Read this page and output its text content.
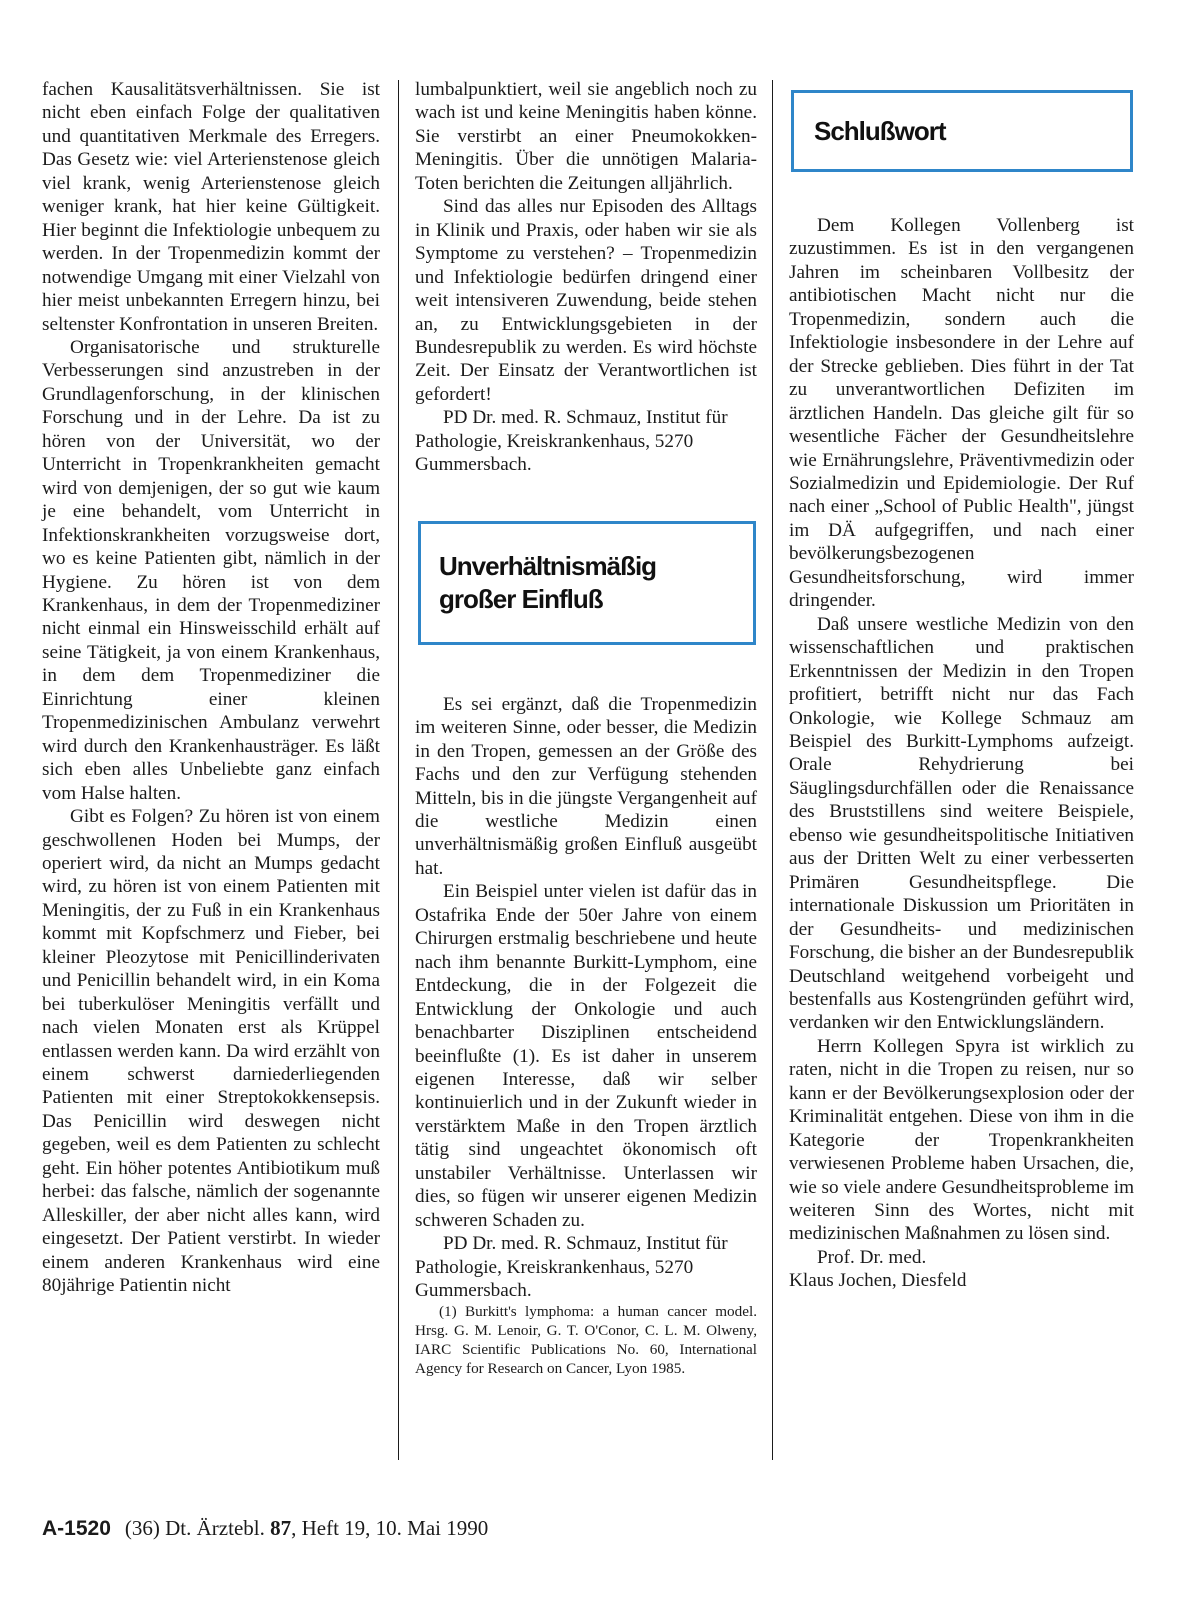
fachen Kausalitätsverhältnissen. Sie ist nicht eben einfach Folge der qualitativen und quantitativen Merkmale des Erregers. Das Gesetz wie: viel Arterienstenose gleich viel krank, wenig Arterienstenose gleich weniger krank, hat hier keine Gültigkeit. Hier beginnt die Infektiologie unbequem zu werden. In der Tropenmedizin kommt der notwendige Umgang mit einer Vielzahl von hier meist unbekannten Erregern hinzu, bei seltenster Konfrontation in unseren Breiten.

Organisatorische und strukturelle Verbesserungen sind anzustreben in der Grundlagenforschung, in der klinischen Forschung und in der Lehre. Da ist zu hören von der Universität, wo der Unterricht in Tropenkrankheiten gemacht wird von demjenigen, der so gut wie kaum je eine behandelt, vom Unterricht in Infektionskrankheiten vorzugsweise dort, wo es keine Patienten gibt, nämlich in der Hygiene. Zu hören ist von dem Krankenhaus, in dem der Tropenmediziner nicht einmal ein Hinsweisschild erhält auf seine Tätigkeit, ja von einem Krankenhaus, in dem dem Tropenmediziner die Einrichtung einer kleinen Tropenmedizinischen Ambulanz verwehrt wird durch den Krankenhausträger. Es läßt sich eben alles Unbeliebte ganz einfach vom Halse halten.

Gibt es Folgen? Zu hören ist von einem geschwollenen Hoden bei Mumps, der operiert wird, da nicht an Mumps gedacht wird, zu hören ist von einem Patienten mit Meningitis, der zu Fuß in ein Krankenhaus kommt mit Kopfschmerz und Fieber, bei kleiner Pleozytose mit Penicillinderivaten und Penicillin behandelt wird, in ein Koma bei tuberkulöser Meningitis verfällt und nach vielen Monaten erst als Krüppel entlassen werden kann. Da wird erzählt von einem schwerst darniederliegenden Patienten mit einer Streptokokkensepsis. Das Penicillin wird deswegen nicht gegeben, weil es dem Patienten zu schlecht geht. Ein höher potentes Antibiotikum muß herbei: das falsche, nämlich der sogenannte Alleskiller, der aber nicht alles kann, wird eingesetzt. Der Patient verstirbt. In wieder einem anderen Krankenhaus wird eine 80jährige Patientin nicht

lumbalpunktiert, weil sie angeblich noch zu wach ist und keine Meningitis haben könne. Sie verstirbt an einer Pneumokokken-Meningitis. Über die unnötigen Malaria-Toten berichten die Zeitungen alljährlich.

Sind das alles nur Episoden des Alltags in Klinik und Praxis, oder haben wir sie als Symptome zu verstehen? – Tropenmedizin und Infektiologie bedürfen dringend einer weit intensiveren Zuwendung, beide stehen an, zu Entwicklungsgebieten in der Bundesrepublik zu werden. Es wird höchste Zeit. Der Einsatz der Verantwortlichen ist gefordert!

PD Dr. med. R. Schmauz, Institut für Pathologie, Kreiskrankenhaus, 5270 Gummersbach.

Unverhältnismäßig
großer Einfluß

Es sei ergänzt, daß die Tropenmedizin im weiteren Sinne, oder besser, die Medizin in den Tropen, gemessen an der Größe des Fachs und den zur Verfügung stehenden Mitteln, bis in die jüngste Vergangenheit auf die westliche Medizin einen unverhältnismäßig großen Einfluß ausgeübt hat.

Ein Beispiel unter vielen ist dafür das in Ostafrika Ende der 50er Jahre von einem Chirurgen erstmalig beschriebene und heute nach ihm benannte Burkitt-Lymphom, eine Entdeckung, die in der Folgezeit die Entwicklung der Onkologie und auch benachbarter Disziplinen entscheidend beeinflußte (1). Es ist daher in unserem eigenen Interesse, daß wir selber kontinuierlich und in der Zukunft wieder in verstärktem Maße in den Tropen ärztlich tätig sind ungeachtet ökonomisch oft unstabiler Verhältnisse. Unterlassen wir dies, so fügen wir unserer eigenen Medizin schweren Schaden zu.

PD Dr. med. R. Schmauz, Institut für Pathologie, Kreiskrankenhaus, 5270 Gummersbach.

(1) Burkitt's lymphoma: a human cancer model. Hrsg. G. M. Lenoir, G. T. O'Conor, C. L. M. Olweny, IARC Scientific Publications No. 60, International Agency for Research on Cancer, Lyon 1985.

Schlußwort

Dem Kollegen Vollenberg ist zuzustimmen. Es ist in den vergangenen Jahren im scheinbaren Vollbesitz der antibiotischen Macht nicht nur die Tropenmedizin, sondern auch die Infektiologie insbesondere in der Lehre auf der Strecke geblieben. Dies führt in der Tat zu unverantwortlichen Defiziten im ärztlichen Handeln. Das gleiche gilt für so wesentliche Fächer der Gesundheitslehre wie Ernährungslehre, Präventivmedizin oder Sozialmedizin und Epidemiologie. Der Ruf nach einer „School of Public Health", jüngst im DÄ aufgegriffen, und nach einer bevölkerungsbezogenen Gesundheitsforschung, wird immer dringender.

Daß unsere westliche Medizin von den wissenschaftlichen und praktischen Erkenntnissen der Medizin in den Tropen profitiert, betrifft nicht nur das Fach Onkologie, wie Kollege Schmauz am Beispiel des Burkitt-Lymphoms aufzeigt. Orale Rehydrierung bei Säuglingsdurchfällen oder die Renaissance des Bruststillens sind weitere Beispiele, ebenso wie gesundheitspolitische Initiativen aus der Dritten Welt zu einer verbesserten Primären Gesundheitspflege. Die internationale Diskussion um Prioritäten in der Gesundheits- und medizinischen Forschung, die bisher an der Bundesrepublik Deutschland weitgehend vorbeigeht und bestenfalls aus Kostengründen geführt wird, verdanken wir den Entwicklungsländern.

Herrn Kollegen Spyra ist wirklich zu raten, nicht in die Tropen zu reisen, nur so kann er der Bevölkerungsexplosion oder der Kriminalität entgehen. Diese von ihm in die Kategorie der Tropenkrankheiten verwiesenen Probleme haben Ursachen, die, wie so viele andere Gesundheitsprobleme im weiteren Sinn des Wortes, nicht mit medizinischen Maßnahmen zu lösen sind.

Prof. Dr. med.

Klaus Jochen, Diesfeld

A-1520 (36) Dt. Ärztebl. 87, Heft 19, 10. Mai 1990
